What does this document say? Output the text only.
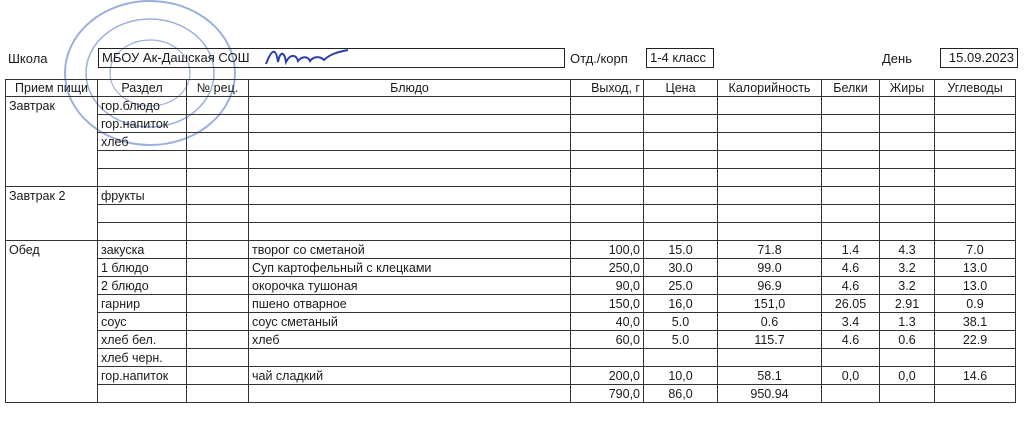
Школа	МБОУ Ак-Дашская СОШ	Отд./корп	1-4 класс	День	15.09.2023
Прием пищи	Раздел	№ рец.	Блюдо	Выход, г	Цена	Калорийность	Белки	Жиры	Углеводы
Завтрак	гор.блюдо								
	гор.напиток								
	хлеб								

Завтрак 2	фрукты								

Обед	закуска		творог со сметаной	100,0	15.0	71.8	1.4	4.3	7.0
	1 блюдо		Суп картофельный с клецками	250,0	30.0	99.0	4.6	3.2	13.0
	2 блюдо		окорочка тушоная	90,0	25.0	96.9	4.6	3.2	13.0
	гарнир		пшено отварное	150,0	16,0	151,0	26.05	2.91	0.9
	соус		соус сметаный	40,0	5.0	0.6	3.4	1.3	38.1
	хлеб бел.		хлеб	60,0	5.0	115.7	4.6	0.6	22.9
	хлеб черн.								
	гор.напиток		чай сладкий	200,0	10,0	58.1	0,0	0,0	14.6
				790,0	86,0	950.94			
